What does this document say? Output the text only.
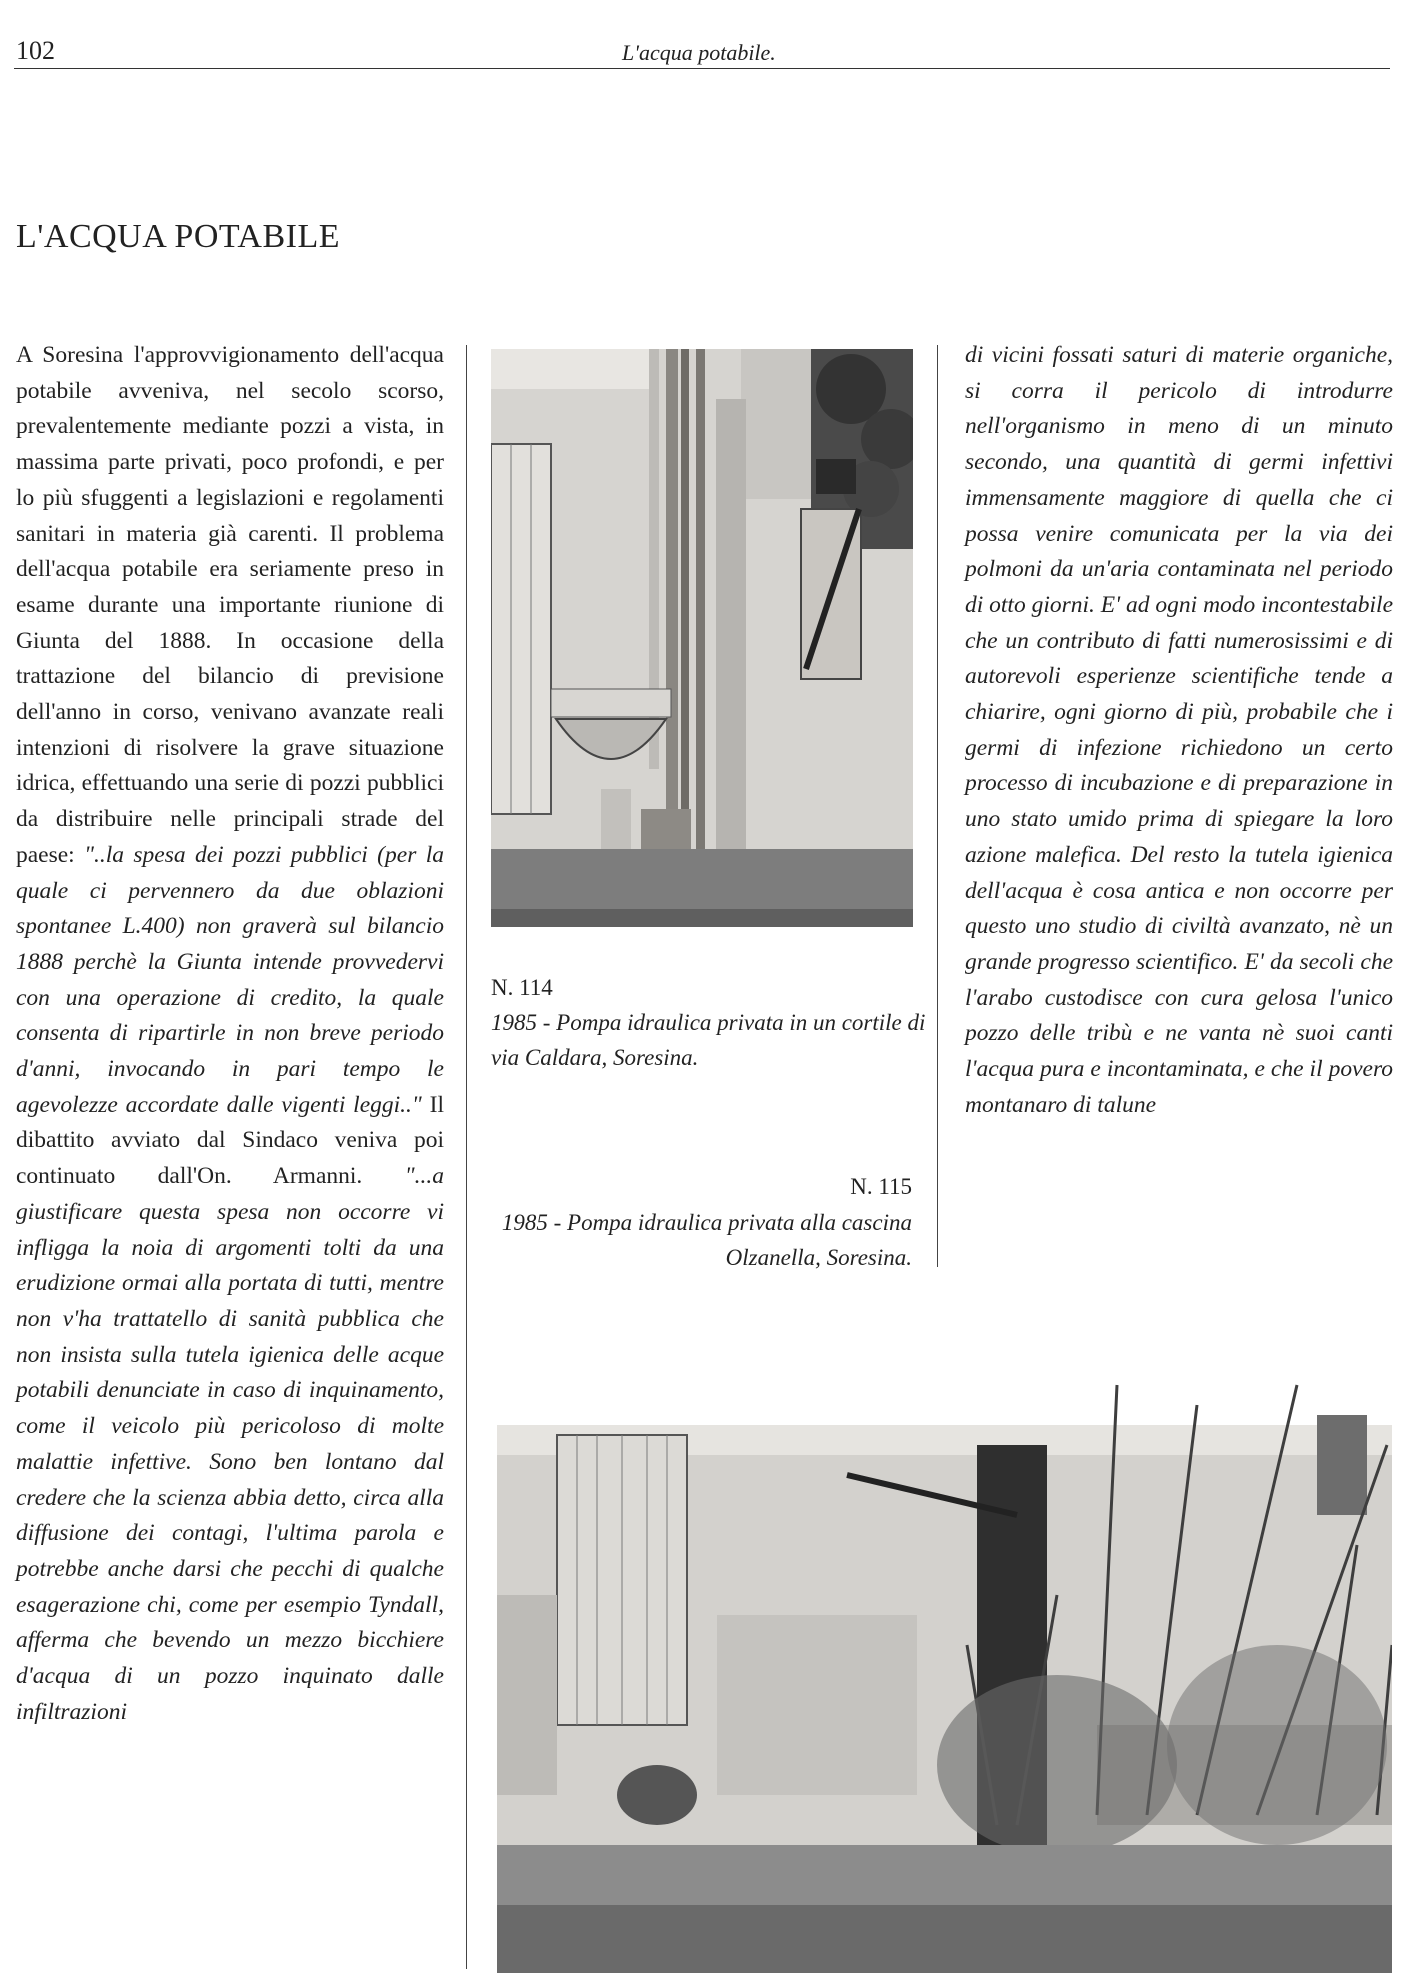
102	L'acqua potabile.
L'ACQUA POTABILE

A Soresina l'approvvigionamento dell'acqua potabile avveniva, nel secolo scorso, prevalentemente mediante pozzi a vista, in massima parte privati, poco profondi, e per lo più sfuggenti a legislazioni e regolamenti sanitari in materia già carenti. Il problema dell'acqua potabile era seriamente preso in esame durante una importante riunione di Giunta del 1888. In occasione della trattazione del bilancio di previsione dell'anno in corso, venivano avanzate reali intenzioni di risolvere la grave situazione idrica, effettuando una serie di pozzi pubblici da distribuire nelle principali strade del paese: "..la spesa dei pozzi pubblici (per la quale ci pervennero da due oblazioni spontanee L.400) non graverà sul bilancio 1888 perchè la Giunta intende provvedervi con una operazione di credito, la quale consenta di ripartirle in non breve periodo d'anni, invocando in pari tempo le agevolezze accordate dalle vigenti leggi.." Il dibattito avviato dal Sindaco veniva poi continuato dall'On. Armanni. "...a giustificare questa spesa non occorre vi infligga la noia di argomenti tolti da una erudizione ormai alla portata di tutti, mentre non v'ha trattatello di sanità pubblica che non insista sulla tutela igienica delle acque potabili denunciate in caso di inquinamento, come il veicolo più pericoloso di molte malattie infettive. Sono ben lontano dal credere che la scienza abbia detto, circa alla diffusione dei contagi, l'ultima parola e potrebbe anche darsi che pecchi di qualche esagerazione chi, come per esempio Tyndall, afferma che bevendo un mezzo bicchiere d'acqua di un pozzo inquinato dalle infiltrazioni

N. 114
1985 - Pompa idraulica privata in un cortile di via Caldara, Soresina.
N. 115
1985 - Pompa idraulica privata alla cascina Olzanella, Soresina.

di vicini fossati saturi di materie organiche, si corra il pericolo di introdurre nell'organismo in meno di un minuto secondo, una quantità di germi infettivi immensamente maggiore di quella che ci possa venire comunicata per la via dei polmoni da un'aria contaminata nel periodo di otto giorni. E' ad ogni modo incontestabile che un contributo di fatti numerosissimi e di autorevoli esperienze scientifiche tende a chiarire, ogni giorno di più, probabile che i germi di infezione richiedono un certo processo di incubazione e di preparazione in uno stato umido prima di spiegare la loro azione malefica. Del resto la tutela igienica dell'acqua è cosa antica e non occorre per questo uno studio di civiltà avanzato, nè un grande progresso scientifico. E' da secoli che l'arabo custodisce con cura gelosa l'unico pozzo delle tribù e ne vanta nè suoi canti l'acqua pura e incontaminata, e che il povero montanaro di talune
